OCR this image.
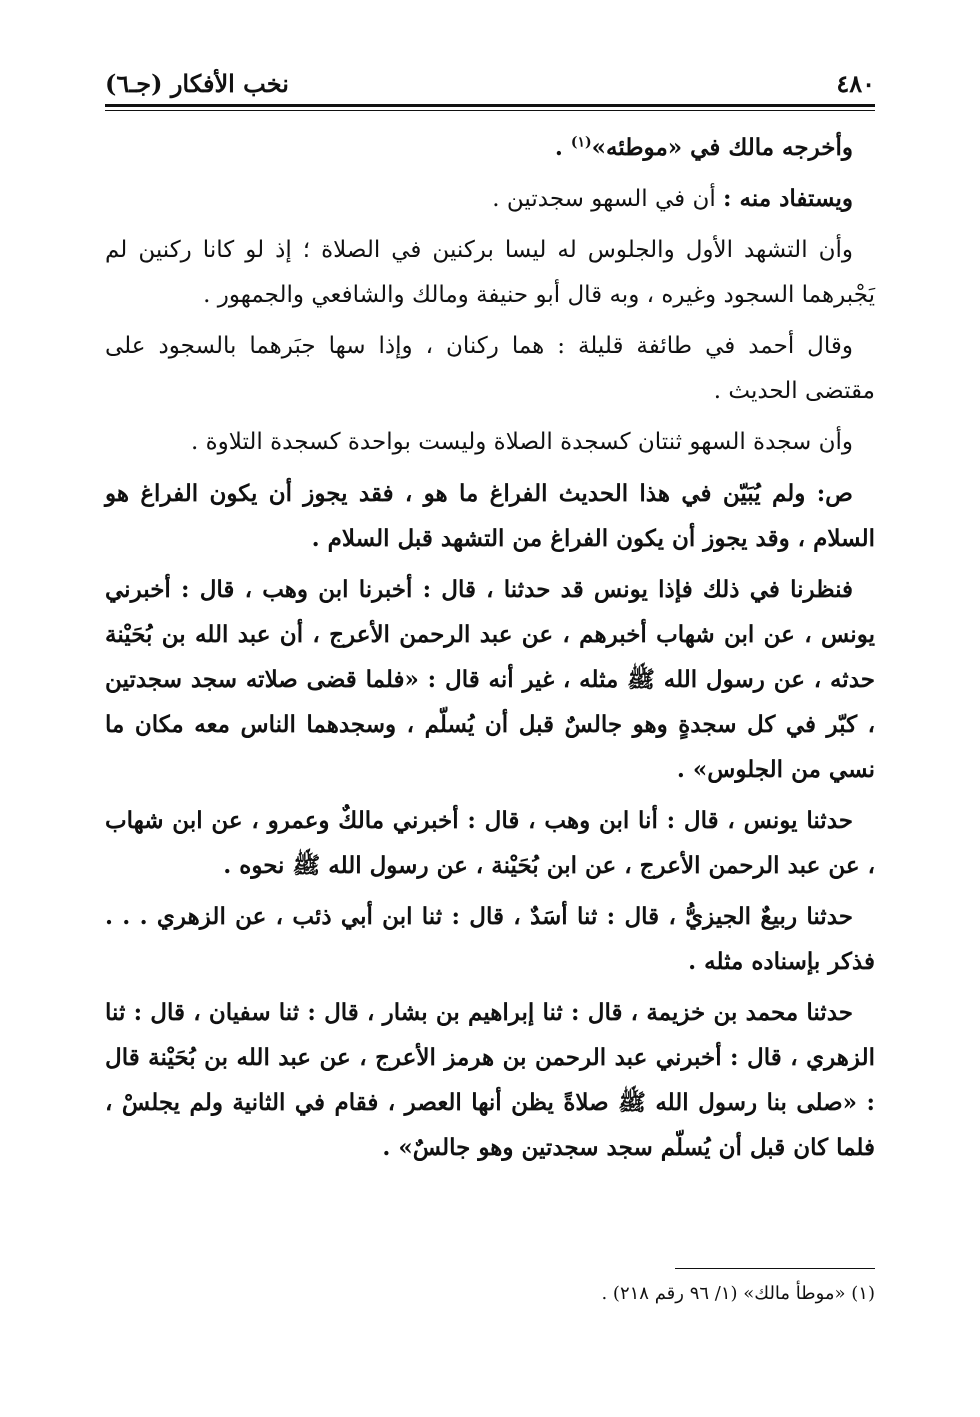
٤٨٠
نخب الأفكار (جـ٦)

وأخرجه مالك في «موطئه»$^{(١)}$ .

ويستفاد منه : أن في السهو سجدتين .

وأن التشهد الأول والجلوس له ليسا بركنين في الصلاة ؛ إذ لو كانا ركنين لم يَجْبرهما السجود وغيره ، وبه قال أبو حنيفة ومالك والشافعي والجمهور .

وقال أحمد في طائفة قليلة : هما ركنان ، وإذا سها جبَرهما بالسجود على مقتضى الحديث .

وأن سجدة السهو ثنتان كسجدة الصلاة وليست بواحدة كسجدة التلاوة .

ص: ولم يُبَيّن في هذا الحديث الفراغ ما هو ، فقد يجوز أن يكون الفراغ هو السلام ، وقد يجوز أن يكون الفراغ من التشهد قبل السلام .

فنظرنا في ذلك فإذا يونس قد حدثنا ، قال : أخبرنا ابن وهب ، قال : أخبرني يونس ، عن ابن شهاب أخبرهم ، عن عبد الرحمن الأعرج ، أن عبد الله بن بُحَيْنة حدثه ، عن رسول الله ﷺ مثله ، غير أنه قال : «فلما قضى صلاته سجد سجدتين ، كبّر في كل سجدةٍ وهو جالسٌ قبل أن يُسلّم ، وسجدهما الناس معه مكان ما نسي من الجلوس» .

حدثنا يونس ، قال : أنا ابن وهب ، قال : أخبرني مالكٌ وعمرو ، عن ابن شهاب ، عن عبد الرحمن الأعرج ، عن ابن بُحَيْنة ، عن رسول الله ﷺ نحوه .

حدثنا ربيعٌ الجيزيُّ ، قال : ثنا أسَدٌ ، قال : ثنا ابن أبي ذئب ، عن الزهري . . . فذكر بإسناده مثله .

حدثنا محمد بن خزيمة ، قال : ثنا إبراهيم بن بشار ، قال : ثنا سفيان ، قال : ثنا الزهري ، قال : أخبرني عبد الرحمن بن هرمز الأعرج ، عن عبد الله بن بُحَيْنة قال : «صلى بنا رسول الله ﷺ صلاةً يظن أنها العصر ، فقام في الثانية ولم يجلسْ ، فلما كان قبل أن يُسلّم سجد سجدتين وهو جالسٌ» .

(١) «موطأ مالك» (١/ ٩٦ رقم ٢١٨) .
